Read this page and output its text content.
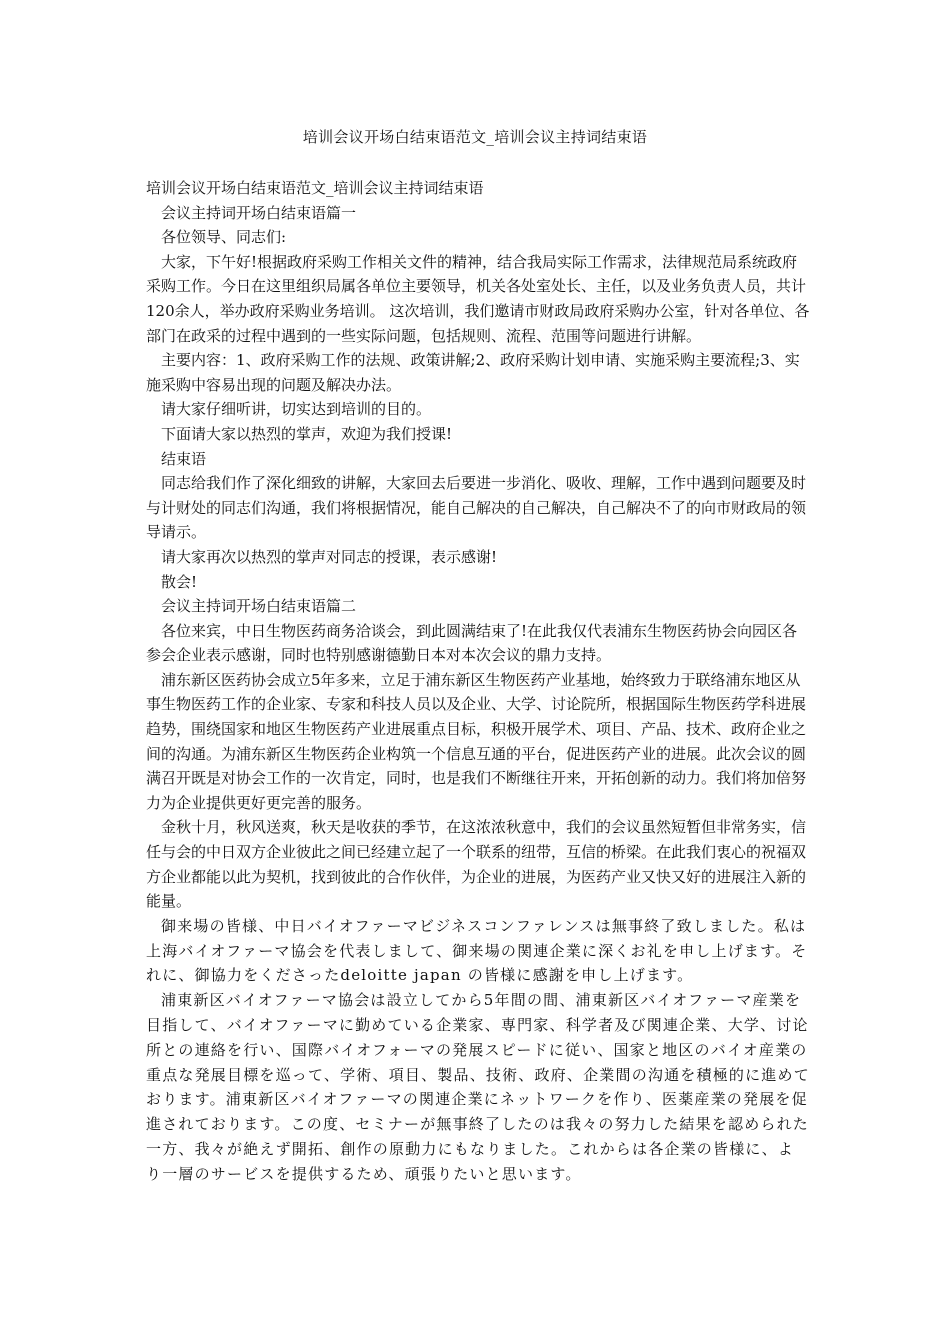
培训会议开场白结束语范文_培训会议主持词结束语

培训会议开场白结束语范文_培训会议主持词结束语

会议主持词开场白结束语篇一

各位领导、同志们:

大家，下午好!根据政府采购工作相关文件的精神，结合我局实际工作需求，法律规范局系统政府采购工作。今日在这里组织局属各单位主要领导，机关各处室处长、主任，以及业务负责人员，共计120余人，举办政府采购业务培训。 这次培训，我们邀请市财政局政府采购办公室，针对各单位、各部门在政采的过程中遇到的一些实际问题，包括规则、流程、范围等问题进行讲解。

主要内容：1、政府采购工作的法规、政策讲解;2、政府采购计划申请、实施采购主要流程;3、实施采购中容易出现的问题及解决办法。

请大家仔细听讲，切实达到培训的目的。

下面请大家以热烈的掌声，欢迎为我们授课!

结束语

同志给我们作了深化细致的讲解，大家回去后要进一步消化、吸收、理解，工作中遇到问题要及时与计财处的同志们沟通，我们将根据情况，能自己解决的自己解决，自己解决不了的向市财政局的领导请示。

请大家再次以热烈的掌声对同志的授课，表示感谢!

散会!

会议主持词开场白结束语篇二

各位来宾，中日生物医药商务洽谈会，到此圆满结束了!在此我仅代表浦东生物医药协会向园区各参会企业表示感谢，同时也特别感谢德勤日本对本次会议的鼎力支持。

浦东新区医药协会成立5年多来，立足于浦东新区生物医药产业基地，始终致力于联络浦东地区从事生物医药工作的企业家、专家和科技人员以及企业、大学、讨论院所，根据国际生物医药学科进展趋势，围绕国家和地区生物医药产业进展重点目标，积极开展学术、项目、产品、技术、政府企业之间的沟通。为浦东新区生物医药企业构筑一个信息互通的平台，促进医药产业的进展。此次会议的圆满召开既是对协会工作的一次肯定，同时，也是我们不断继往开来，开拓创新的动力。我们将加倍努力为企业提供更好更完善的服务。

金秋十月，秋风送爽，秋天是收获的季节，在这浓浓秋意中，我们的会议虽然短暂但非常务实，信任与会的中日双方企业彼此之间已经建立起了一个联系的纽带，互信的桥梁。在此我们衷心的祝福双方企业都能以此为契机，找到彼此的合作伙伴，为企业的进展，为医药产业又快又好的进展注入新的能量。

御来場の皆様、中日バイオファーマビジネスコンファレンスは無事終了致しました。私は上海バイオファーマ協会を代表しまして、御来場の関連企業に深くお礼を申し上げます。それに、御協力をくださったdeloitte japan の皆様に感謝を申し上げます。

浦東新区バイオファーマ協会は設立してから5年間の間、浦東新区バイオファーマ産業を目指して、バイオファーマに勤めている企業家、専門家、科学者及び関連企業、大学、讨论所との連絡を行い、国際バイオフォーマの発展スピードに従い、国家と地区のバイオ産業の重点な発展目標を巡って、学術、項目、製品、技術、政府、企業間の沟通を積極的に進めております。浦東新区バイオファーマの関連企業にネットワークを作り、医薬産業の発展を促進されております。この度、セミナーが無事終了したのは我々の努力した結果を認められた一方、我々が絶えず開拓、創作の原動力にもなりました。これからは各企業の皆様に、より一層のサービスを提供するため、頑張りたいと思います。
